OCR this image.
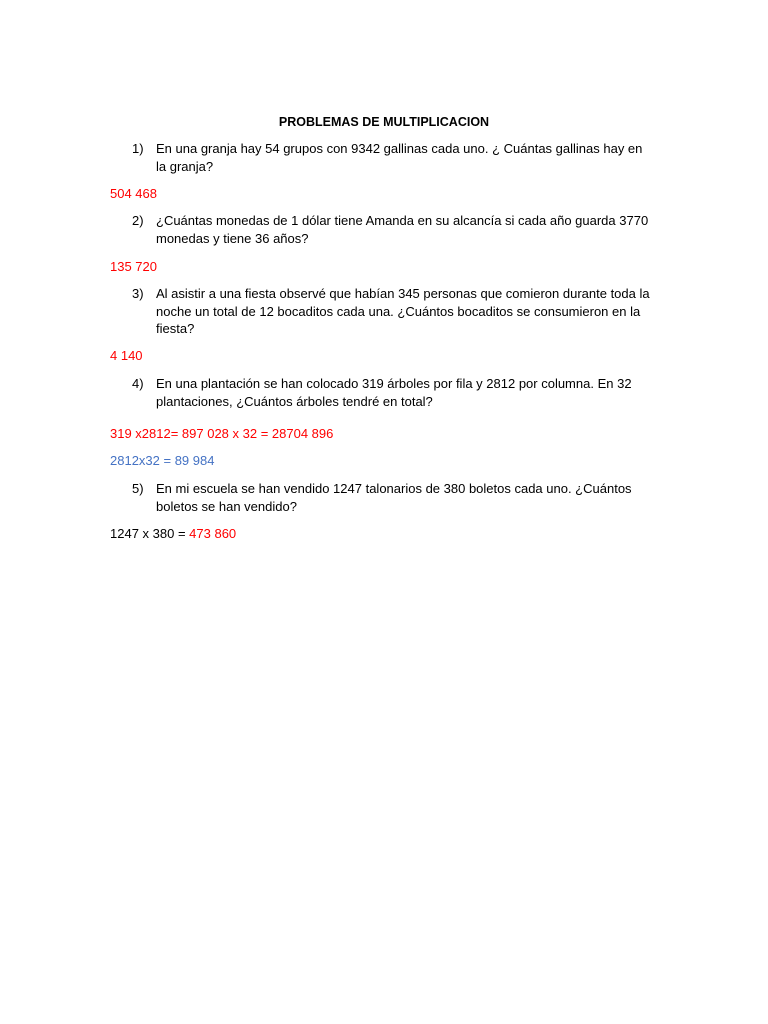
PROBLEMAS DE MULTIPLICACION
1) En una granja hay 54 grupos con 9342 gallinas cada uno. ¿ Cuántas gallinas hay en la granja?
504 468
2) ¿Cuántas monedas de 1 dólar tiene Amanda en su alcancía si cada año guarda 3770 monedas y tiene 36 años?
135 720
3) Al asistir a una fiesta observé que habían 345 personas que comieron durante toda la noche un total de 12 bocaditos cada una. ¿Cuántos bocaditos se consumieron en la fiesta?
4 140
4) En una plantación se han colocado 319 árboles por fila y 2812 por columna. En 32 plantaciones, ¿Cuántos árboles tendré en total?
319 x2812= 897 028 x 32 = 28704 896
2812x32 = 89 984
5) En mi escuela se han vendido 1247 talonarios de 380 boletos cada uno. ¿Cuántos boletos se han vendido?
1247 x 380 = 473 860
